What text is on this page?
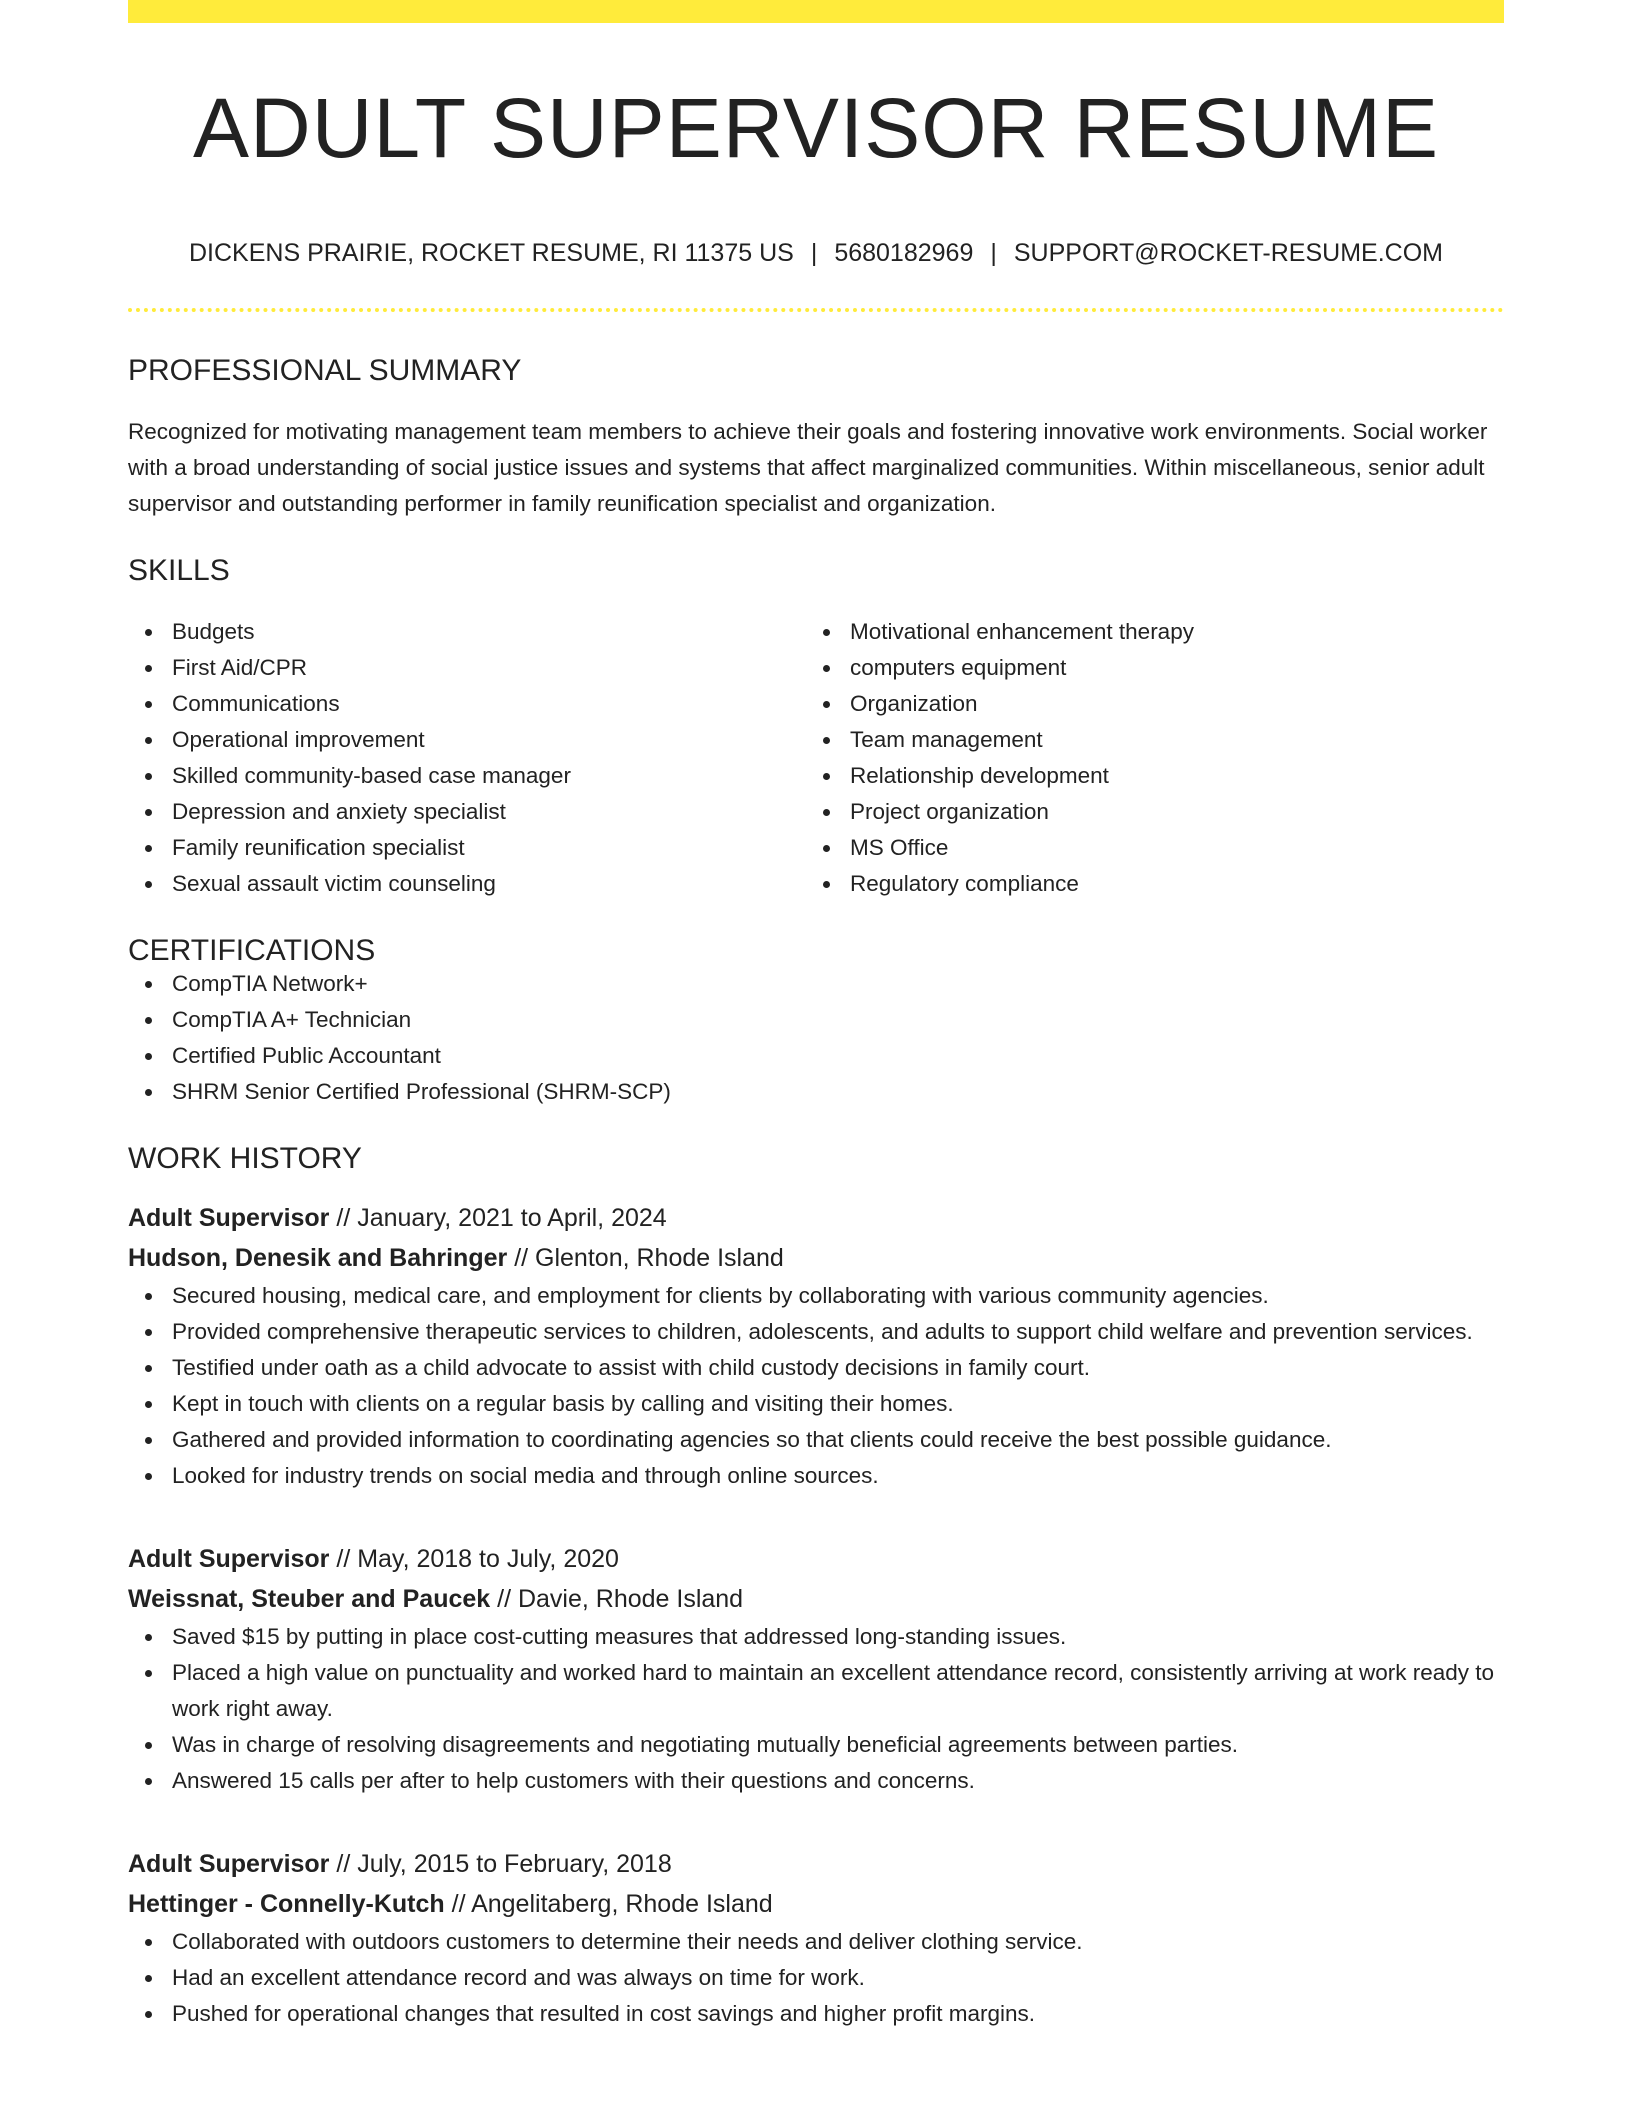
ADULT SUPERVISOR RESUME
DICKENS PRAIRIE, ROCKET RESUME, RI 11375 US | 5680182969 | SUPPORT@ROCKET-RESUME.COM
PROFESSIONAL SUMMARY

Recognized for motivating management team members to achieve their goals and fostering innovative work environments. Social worker with a broad understanding of social justice issues and systems that affect marginalized communities. Within miscellaneous, senior adult supervisor and outstanding performer in family reunification specialist and organization.

SKILLS
Budgets
First Aid/CPR
Communications
Operational improvement
Skilled community-based case manager
Depression and anxiety specialist
Family reunification specialist
Sexual assault victim counseling
Motivational enhancement therapy
computers equipment
Organization
Team management
Relationship development
Project organization
MS Office
Regulatory compliance
CERTIFICATIONS
CompTIA Network+
CompTIA A+ Technician
Certified Public Accountant
SHRM Senior Certified Professional (SHRM-SCP)
WORK HISTORY
Adult Supervisor // January, 2021 to April, 2024
Hudson, Denesik and Bahringer // Glenton, Rhode Island
Secured housing, medical care, and employment for clients by collaborating with various community agencies.
Provided comprehensive therapeutic services to children, adolescents, and adults to support child welfare and prevention services.
Testified under oath as a child advocate to assist with child custody decisions in family court.
Kept in touch with clients on a regular basis by calling and visiting their homes.
Gathered and provided information to coordinating agencies so that clients could receive the best possible guidance.
Looked for industry trends on social media and through online sources.
Adult Supervisor // May, 2018 to July, 2020
Weissnat, Steuber and Paucek // Davie, Rhode Island
Saved $15 by putting in place cost-cutting measures that addressed long-standing issues.
Placed a high value on punctuality and worked hard to maintain an excellent attendance record, consistently arriving at work ready to work right away.
Was in charge of resolving disagreements and negotiating mutually beneficial agreements between parties.
Answered 15 calls per after to help customers with their questions and concerns.
Adult Supervisor // July, 2015 to February, 2018
Hettinger - Connelly-Kutch // Angelitaberg, Rhode Island
Collaborated with outdoors customers to determine their needs and deliver clothing service.
Had an excellent attendance record and was always on time for work.
Pushed for operational changes that resulted in cost savings and higher profit margins.
